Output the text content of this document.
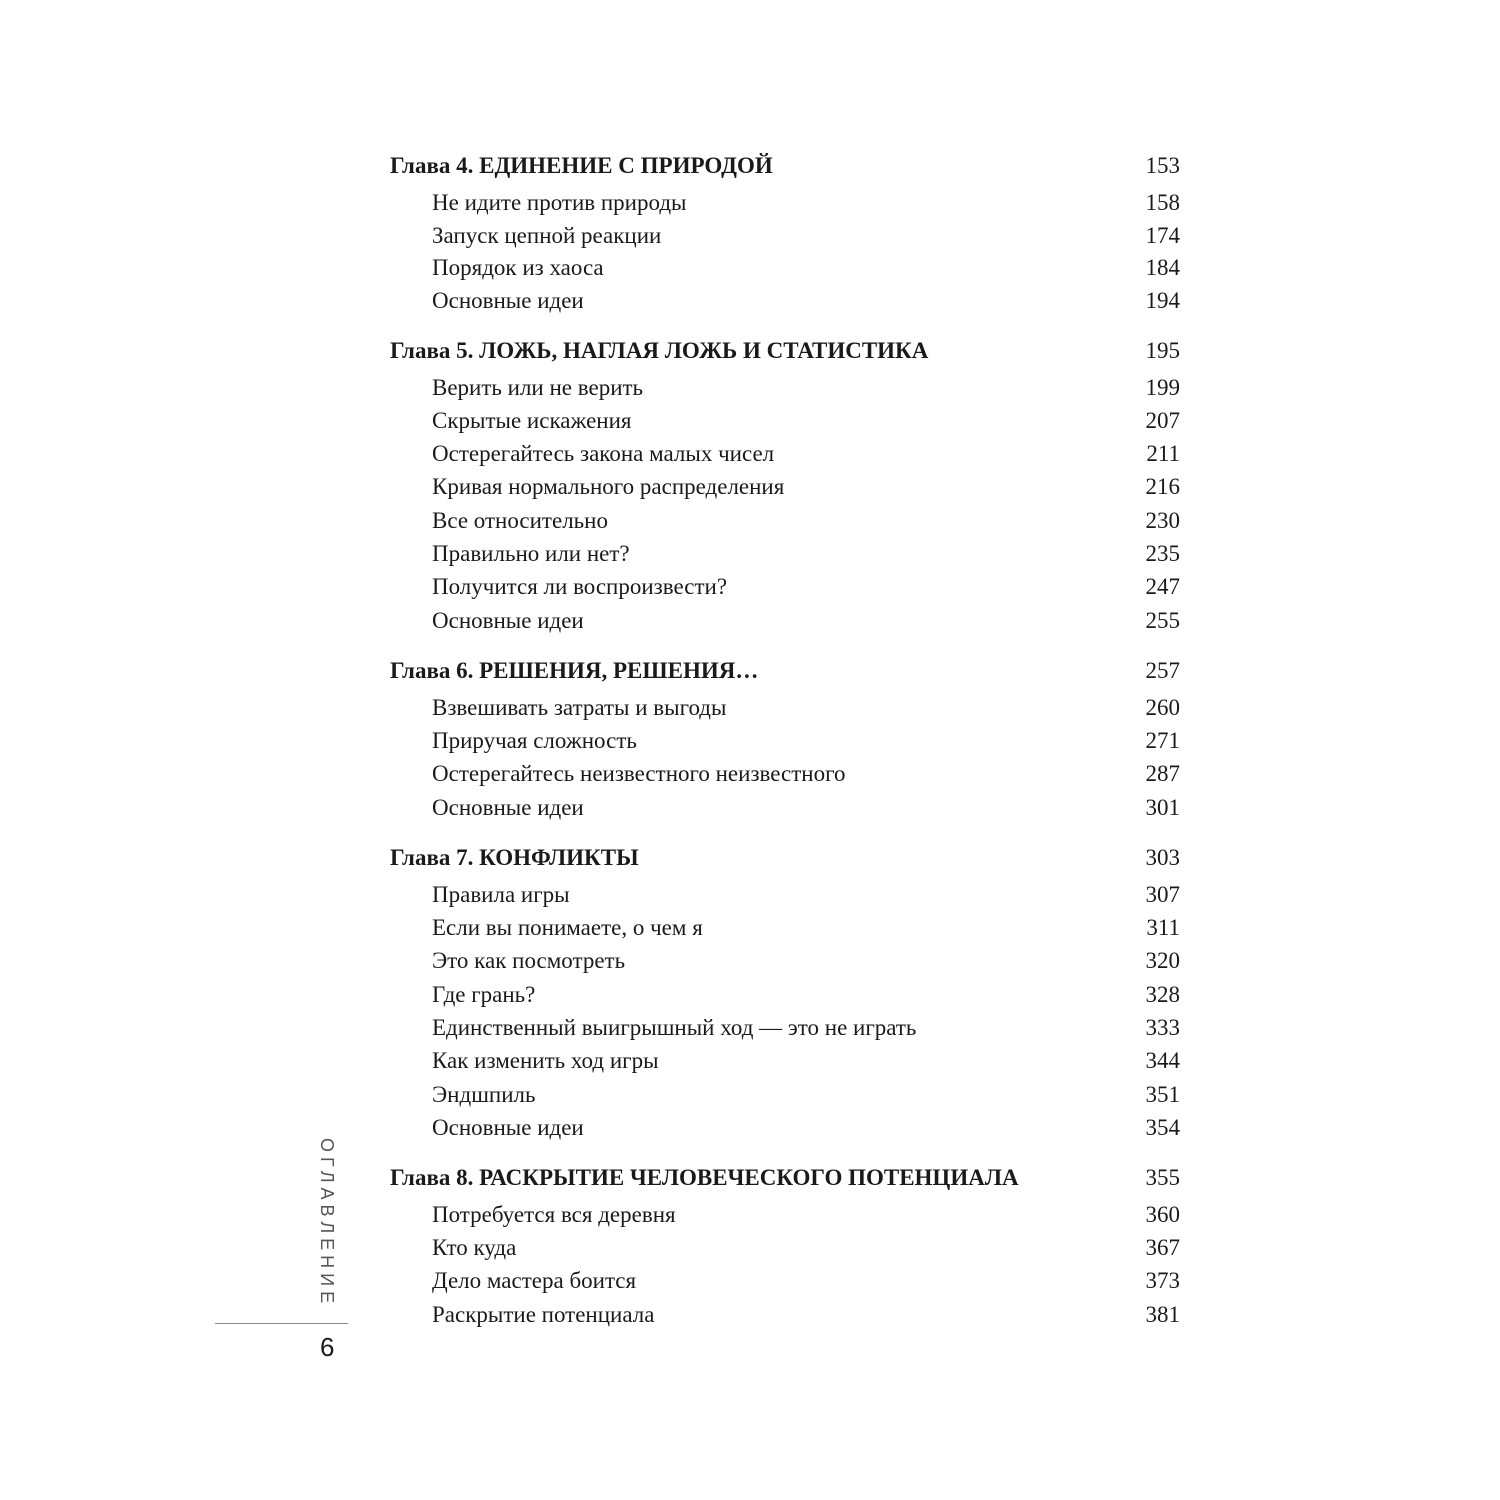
Глава 4. ЕДИНЕНИЕ С ПРИРОДОЙ	153
Не идите против природы	158
Запуск цепной реакции	174
Порядок из хаоса	184
Основные идеи	194
Глава 5. ЛОЖЬ, НАГЛАЯ ЛОЖЬ И СТАТИСТИКА	195
Верить или не верить	199
Скрытые искажения	207
Остерегайтесь закона малых чисел	211
Кривая нормального распределения	216
Все относительно	230
Правильно или нет?	235
Получится ли воспроизвести?	247
Основные идеи	255
Глава 6. РЕШЕНИЯ, РЕШЕНИЯ…	257
Взвешивать затраты и выгоды	260
Приручая сложность	271
Остерегайтесь неизвестного неизвестного	287
Основные идеи	301
Глава 7. КОНФЛИКТЫ	303
Правила игры	307
Если вы понимаете, о чем я	311
Это как посмотреть	320
Где грань?	328
Единственный выигрышный ход — это не играть	333
Как изменить ход игры	344
Эндшпиль	351
Основные идеи	354
Глава 8. РАСКРЫТИЕ ЧЕЛОВЕЧЕСКОГО ПОТЕНЦИАЛА	355
Потребуется вся деревня	360
Кто куда	367
Дело мастера боится	373
Раскрытие потенциала	381
ОГЛАВЛЕНИЕ
6
